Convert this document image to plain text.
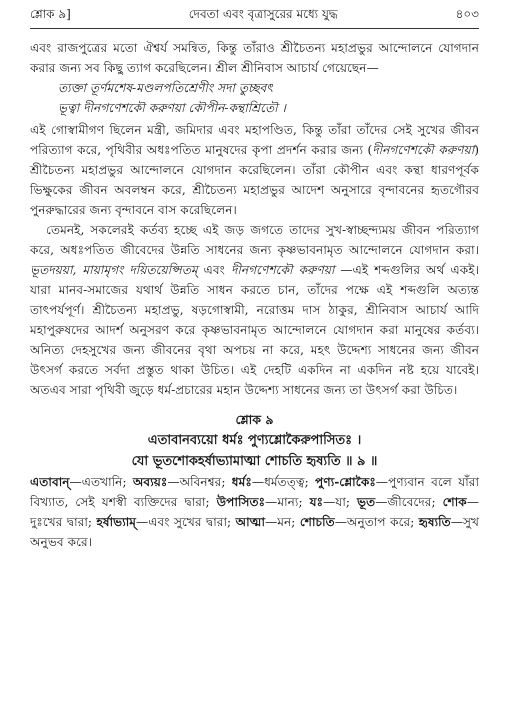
শ্লোক ৯]	দেবতা এবং বৃত্রাসুরের মধ্যে যুদ্ধ	৪০৩

এবং রাজপুত্রের মতো ঐশ্বর্য সমন্বিত, কিন্তু তাঁরাও শ্রীচৈতন্য মহাপ্রভুর আন্দোলনে যোগদান করার জন্য সব কিছু ত্যাগ করেছিলেন। শ্রীল শ্রীনিবাস আচার্য গেয়েছেন—

ত্যক্তা তূর্ণমশেষ-মণ্ডলপতিশ্রেণীং সদা তুচ্ছবৎ
ভূত্বা দীনগণেশকৌ করুণয়া কৌপীন-কন্থাশ্রিতৌ ।

এই গোস্বামীগণ ছিলেন মন্ত্রী, জমিদার এবং মহাপণ্ডিত, কিন্তু তাঁরা তাঁদের সেই সুখের জীবন পরিত্যাগ করে, পৃথিবীর অধঃপতিত মানুষদের কৃপা প্রদর্শন করার জন্য (দীনগণেশকৌ করুণয়া) শ্রীচৈতন্য মহাপ্রভুর আন্দোলনে যোগদান করেছিলেন। তাঁরা কৌপীন এবং কন্থা ধারণপূর্বক ভিক্ষুকের জীবন অবলম্বন করে, শ্রীচৈতন্য মহাপ্রভুর আদেশ অনুসারে বৃন্দাবনের হৃতগৌরব পুনরুদ্ধারের জন্য বৃন্দাবনে বাস করেছিলেন।

তেমনই, সকলেরই কর্তব্য হচ্ছে এই জড় জগতে তাদের সুখ-স্বাচ্ছন্দ্যময় জীবন পরিত্যাগ করে, অধঃপতিত জীবেদের উন্নতি সাধনের জন্য কৃষ্ণভাবনামৃত আন্দোলনে যোগদান করা। ভূতদয়য়া, মায়ামৃগং দয়িতয়েপ্সিতম্ এবং দীনগণেশকৌ করুণয়া —এই শব্দগুলির অর্থ একই। যারা মানব-সমাজের যথার্থ উন্নতি সাধন করতে চান, তাঁদের পক্ষে এই শব্দগুলি অত্যন্ত তাৎপর্যপূর্ণ। শ্রীচৈতন্য মহাপ্রভু, ষড়গোস্বামী, নরোত্তম দাস ঠাকুর, শ্রীনিবাস আচার্য আদি মহাপুরুষদের আদর্শ অনুসরণ করে কৃষ্ণভাবনামৃত আন্দোলনে যোগদান করা মানুষের কর্তব্য। অনিত্য দেহসুখের জন্য জীবনের বৃথা অপচয় না করে, মহৎ উদ্দেশ্য সাধনের জন্য জীবন উৎসর্গ করতে সর্বদা প্রস্তুত থাকা উচিত। এই দেহটি একদিন না একদিন নষ্ট হয়ে যাবেই। অতএব সারা পৃথিবী জুড়ে ধর্ম-প্রচারের মহান উদ্দেশ্য সাধনের জন্য তা উৎসর্গ করা উচিত।

শ্লোক ৯
এতাবানব্যয়ো ধর্মঃ পুণ্যশ্লোকৈরুপাসিতঃ ।
যো ভূতশোকহর্ষাভ্যামাত্মা শোচতি হৃষ্যতি ॥ ৯ ॥

এতাবান্—এতখানি; অব্যয়ঃ—অবিনশ্বর; ধর্মঃ—ধর্মতত্ত্ব; পুণ্য-শ্লোকৈঃ—পুণ্যবান বলে যাঁরা বিখ্যাত, সেই যশস্বী ব্যক্তিদের দ্বারা; উপাসিতঃ—মান্য; যঃ—যা; ভূত—জীবেদের; শোক—দুঃখের দ্বারা; হর্ষাভ্যাম্—এবং সুখের দ্বারা; আত্মা—মন; শোচতি—অনুতাপ করে; হৃষ্যতি—সুখ অনুভব করে।
